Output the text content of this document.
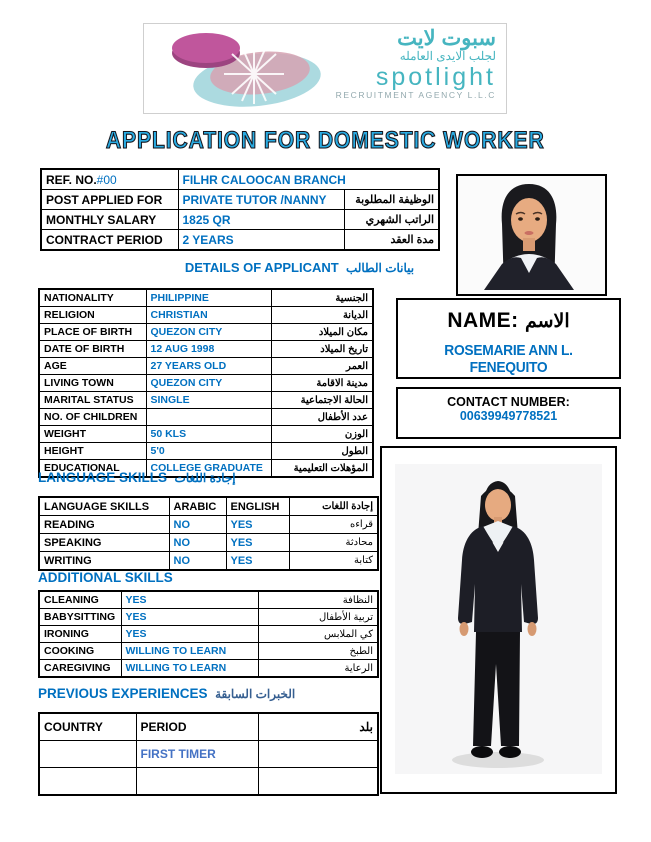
سبوت لايت
لجلب الايدى العامله
spotlight
RECRUITMENT AGENCY L.L.C
APPLICATION FOR DOMESTIC WORKER
REF. NO.#00	FILHR CALOOCAN BRANCH	
POST APPLIED FOR	PRIVATE TUTOR /NANNY	الوظيفة المطلوبة
MONTHLY SALARY	1825 QR	الراتب الشهري
CONTRACT PERIOD	2 YEARS	مدة العقد
DETAILS OF APPLICANT بيانات الطالب
NATIONALITY	PHILIPPINE	الجنسية
RELIGION	CHRISTIAN	الديانة
PLACE OF BIRTH	QUEZON CITY	مكان الميلاد
DATE OF BIRTH	12 AUG 1998	تاريخ الميلاد
AGE	27 YEARS OLD	العمر
LIVING TOWN	QUEZON CITY	مدينة الاقامة
MARITAL STATUS	SINGLE	الحالة الاجتماعية
NO. OF CHILDREN		عدد الأطفال
WEIGHT	50 KLS	الوزن
HEIGHT	5'0	الطول
EDUCATIONAL	COLLEGE GRADUATE	المؤهلات التعليمية
NAME: الاسم
ROSEMARIE ANN L. FENEQUITO
CONTACT NUMBER:
00639949778521
LANGUAGE SKILLS إجادة اللغات
LANGUAGE SKILLS	ARABIC	ENGLISH	إجادة اللغات
READING	NO	YES	قراءه
SPEAKING	NO	YES	محادثة
WRITING	NO	YES	كتابة
ADDITIONAL SKILLS
CLEANING	YES	النظافة
BABYSITTING	YES	تربية الأطفال
IRONING	YES	كي الملابس
COOKING	WILLING TO LEARN	الطبخ
CAREGIVING	WILLING TO LEARN	الرعاية
PREVIOUS EXPERIENCES الخبرات السابقة
COUNTRY	PERIOD	بلد
	FIRST TIMER	
